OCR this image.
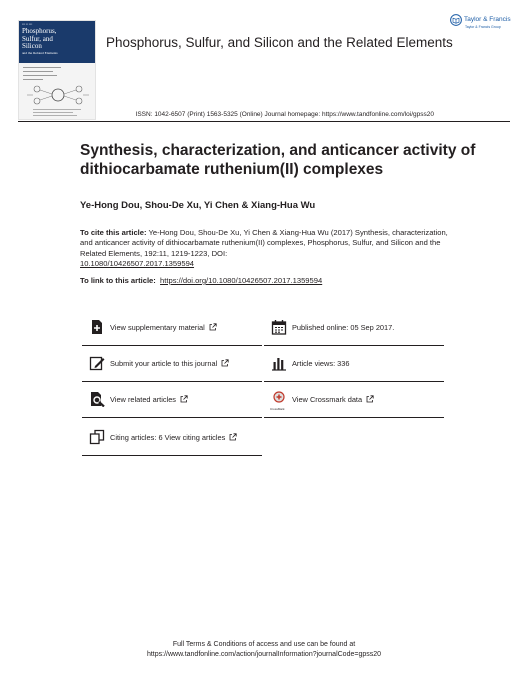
▪▪▪ ▪▪ ▪▪▪
Phosphorus,
Sulfur, and
Silicon
and the Related Elements
Phosphorus, Sulfur, and Silicon and the Related Elements
Taylor & Francis
Taylor & Francis Group
ISSN: 1042-6507 (Print) 1563-5325 (Online) Journal homepage: https://www.tandfonline.com/loi/gpss20
Synthesis, characterization, and anticancer activity of dithiocarbamate ruthenium(II) complexes
Ye-Hong Dou, Shou-De Xu, Yi Chen & Xiang-Hua Wu
To cite this article: Ye-Hong Dou, Shou-De Xu, Yi Chen & Xiang-Hua Wu (2017) Synthesis, characterization, and anticancer activity of dithiocarbamate ruthenium(II) complexes, Phosphorus, Sulfur, and Silicon and the Related Elements, 192:11, 1219-1223, DOI:
10.1080/10426507.2017.1359594
To link to this article: https://doi.org/10.1080/10426507.2017.1359594
View supplementary material
Submit your article to this journal
View related articles
Citing articles: 6 View citing articles
Published online: 05 Sep 2017.
Article views: 336
CrossMark
View Crossmark data
Full Terms & Conditions of access and use can be found at
https://www.tandfonline.com/action/journalInformation?journalCode=gpss20
